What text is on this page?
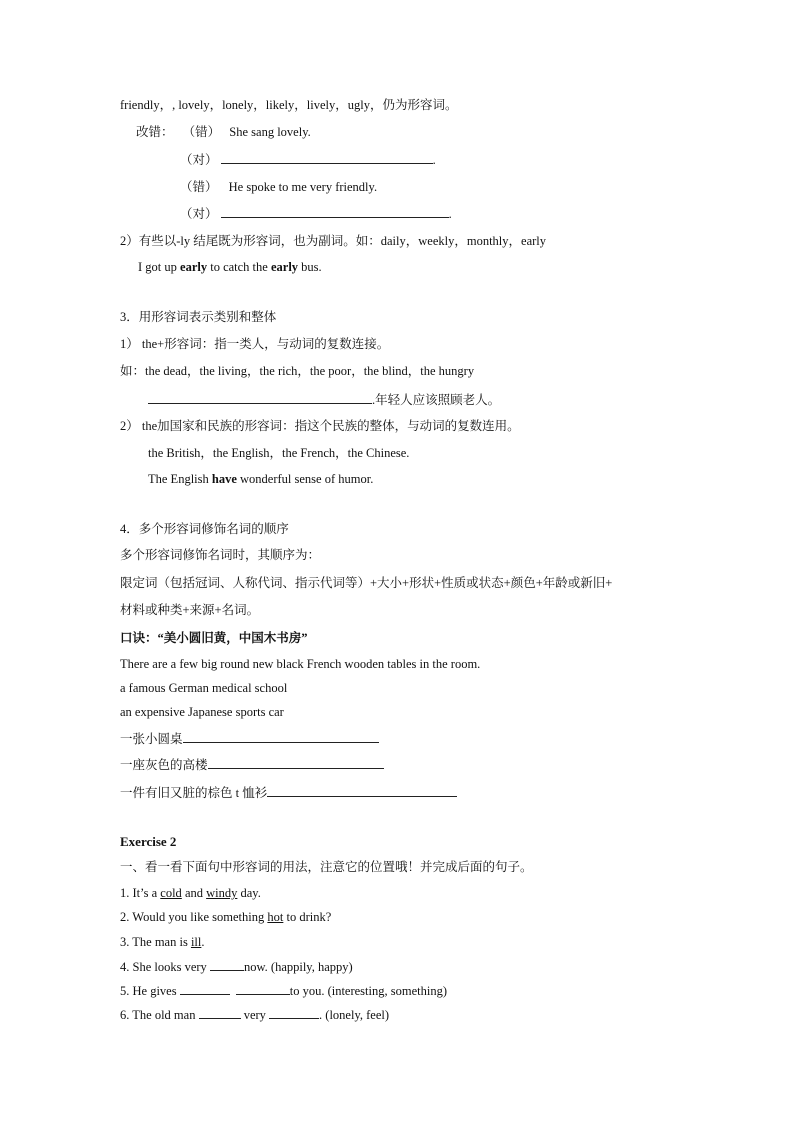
friendly，, lovely，lonely，likely，lively，ugly，仍为形容词。
改错： （错） She sang lovely.
（对）	.
（错） He spoke to me very friendly.
（对）	.
2）有些以-ly 结尾既为形容词，也为副词。如：daily，weekly，monthly，early
I got up early to catch the early bus.
3．用形容词表示类别和整体
1） the+形容词：指一类人，与动词的复数连接。
如：the dead，the living，the rich，the poor，the blind，the hungry
.年轻人应该照顾老人。
2） the加国家和民族的形容词：指这个民族的整体，与动词的复数连用。
the British，the English，the French，the Chinese.
The English have wonderful sense of humor.
4．多个形容词修饰名词的顺序
多个形容词修饰名词时，其顺序为：
限定词（包括冠词、人称代词、指示代词等）+大小+形状+性质或状态+颜色+年龄或新旧+
材料或种类+来源+名词。
口诀：“美小圆旧黄，中国木书房”
There are a few big round new black French wooden tables in the room.
a famous German medical school
an expensive Japanese sports car
一张小圆桌
一座灰色的高楼
一件有旧又脏的棕色 t 恤衫
Exercise 2
一、看一看下面句中形容词的用法，注意它的位置哦！并完成后面的句子。
1. It’s a cold and windy day.
2. Would you like something hot to drink?
3. The man is ill.
4. She looks very	now. (happily, happy)
5. He gives	to you. (interesting, something)
6. The old man	very	. (lonely, feel)
